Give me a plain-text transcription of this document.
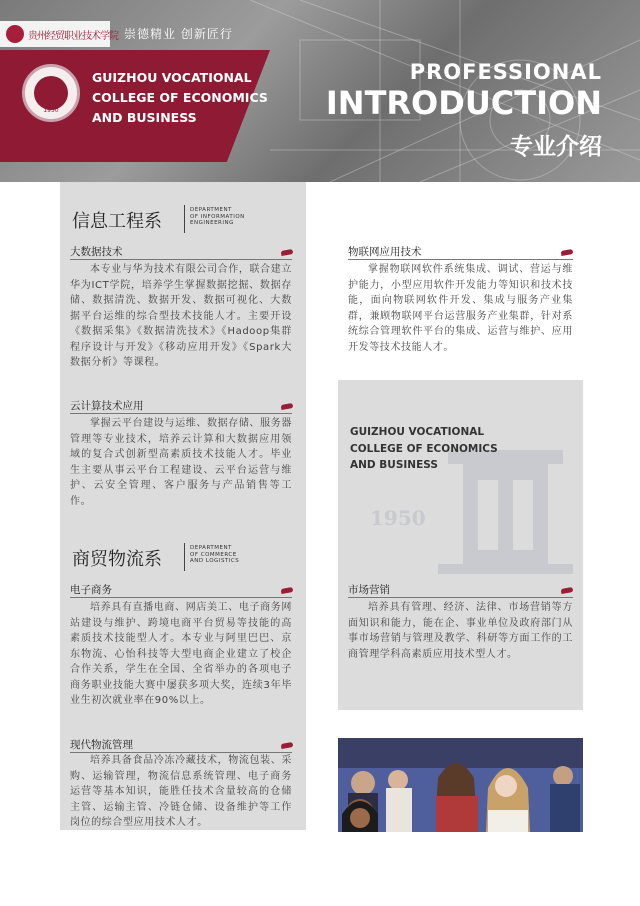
贵州经贸职业技术学院 崇德精业 创新匠行
1950
GUIZHOU VOCATIONAL
COLLEGE OF ECONOMICS
AND BUSINESS
PROFESSIONAL
INTRODUCTION
专业介绍
1950
信息工程系
DEPARTMENT
OF INFORMATION
ENGINEERING
大数据技术
本专业与华为技术有限公司合作，联合建立华为ICT学院，培养学生掌握数据挖掘、数据存储、数据清洗、数据开发、数据可视化、大数据平台运维的综合型技术技能人才。主要开设《数据采集》《数据清洗技术》《Hadoop集群程序设计与开发》《移动应用开发》《Spark大数据分析》等课程。
云计算技术应用
掌握云平台建设与运维、数据存储、服务器管理等专业技术，培养云计算和大数据应用领域的复合式创新型高素质技术技能人才。毕业生主要从事云平台工程建设、云平台运营与维护、云安全管理、客户服务与产品销售等工作。
物联网应用技术
掌握物联网软件系统集成、调试、营运与维护能力，小型应用软件开发能力等知识和技术技能，面向物联网软件开发、集成与服务产业集群，兼顾物联网平台运营服务产业集群，针对系统综合管理软件平台的集成、运营与维护、应用开发等技术技能人才。
GUIZHOU VOCATIONAL
COLLEGE OF ECONOMICS
AND BUSINESS
商贸物流系
DEPARTMENT
OF COMMERCE
AND LOGISTICS
电子商务
培养具有直播电商、网店美工、电子商务网站建设与维护、跨境电商平台贸易等技能的高素质技术技能型人才。本专业与阿里巴巴、京东物流、心怡科技等大型电商企业建立了校企合作关系，学生在全国、全省举办的各项电子商务职业技能大赛中屡获多项大奖，连续3年毕业生初次就业率在90%以上。
市场营销
培养具有管理、经济、法律、市场营销等方面知识和能力，能在企、事业单位及政府部门从事市场营销与管理及教学、科研等方面工作的工商管理学科高素质应用技术型人才。
现代物流管理
培养具备食品冷冻冷藏技术，物流包装、采购、运输管理，物流信息系统管理、电子商务运营等基本知识，能胜任技术含量较高的仓储主管、运输主管、冷链仓储、设备维护等工作岗位的综合型应用技术人才。
